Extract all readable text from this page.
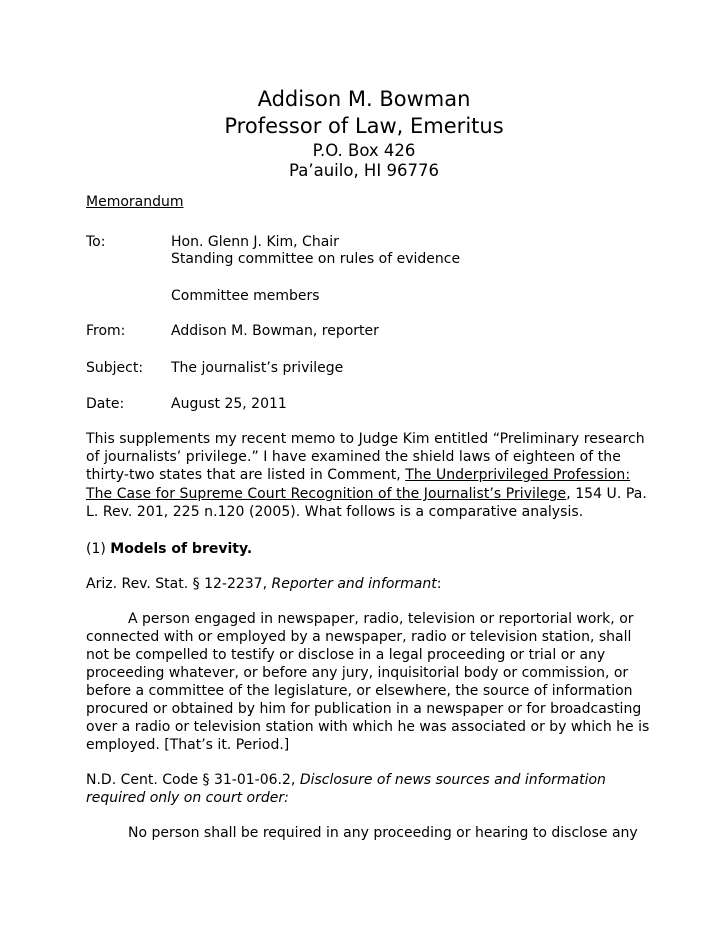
Addison M. Bowman
Professor of Law, Emeritus
P.O. Box 426
Pa’auilo, HI 96776
Memorandum
To:	Hon. Glenn J. Kim, Chair
Standing committee on rules of evidence
Committee members
From:	Addison M. Bowman, reporter
Subject: The journalist’s privilege
Date:	August 25, 2011
This supplements my recent memo to Judge Kim entitled “Preliminary research
of journalists’ privilege.” I have examined the shield laws of eighteen of the
thirty-two states that are listed in Comment, The Underprivileged Profession:
The Case for Supreme Court Recognition of the Journalist’s Privilege, 154 U. Pa.
L. Rev. 201, 225 n.120 (2005). What follows is a comparative analysis.
(1) Models of brevity.
Ariz. Rev. Stat. § 12-2237, Reporter and informant:
A person engaged in newspaper, radio, television or reportorial work, or
connected with or employed by a newspaper, radio or television station, shall
not be compelled to testify or disclose in a legal proceeding or trial or any
proceeding whatever, or before any jury, inquisitorial body or commission, or
before a committee of the legislature, or elsewhere, the source of information
procured or obtained by him for publication in a newspaper or for broadcasting
over a radio or television station with which he was associated or by which he is
employed. [That’s it. Period.]
N.D. Cent. Code § 31-01-06.2, Disclosure of news sources and information
required only on court order:
No person shall be required in any proceeding or hearing to disclose any
